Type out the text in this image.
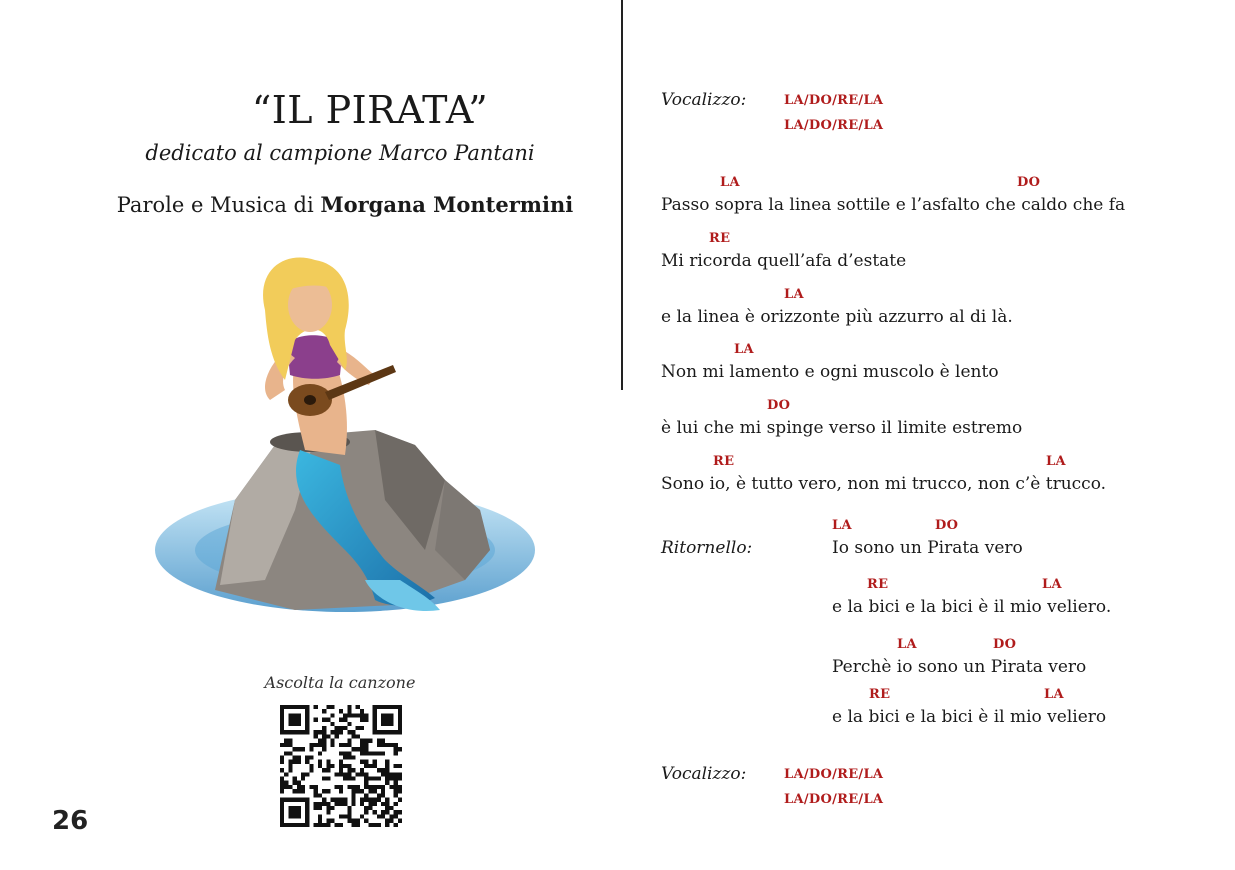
“IL PIRATA”
dedicato al campione Marco Pantani
Parole e Musica di Morgana Montermini
Ascolta la canzone
26
Vocalizzo:	LA/DO/RE/LA
LA/DO/RE/LA
LA	DO
Passo sopra la linea sottile e l’asfalto che caldo che fa
RE
Mi ricorda quell’afa d’estate
LA
e la linea è orizzonte più azzurro al di là.
LA
Non mi lamento e ogni muscolo è lento
DO
è lui che mi spinge verso il limite estremo
RE	LA
Sono io, è tutto vero, non mi trucco, non c’è trucco.
LA	DO
Ritornello:	Io sono un Pirata vero
RE	LA
e la bici e la bici è il mio veliero.
LA	DO
Perchè io sono un Pirata vero
RE	LA
e la bici e la bici è il mio veliero
Vocalizzo:	LA/DO/RE/LA
LA/DO/RE/LA
